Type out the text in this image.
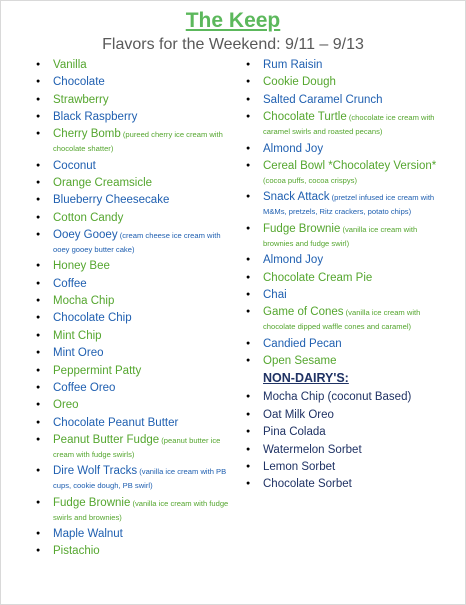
The Keep
Flavors for the Weekend: 9/11 – 9/13
● Vanilla
● Chocolate
● Strawberry
● Black Raspberry
● Cherry Bomb (pureed cherry ice cream with chocolate shatter)
● Coconut
● Orange Creamsicle
● Blueberry Cheesecake
● Cotton Candy
● Ooey Gooey (cream cheese ice cream with ooey gooey butter cake)
● Honey Bee
● Coffee
● Mocha Chip
● Chocolate Chip
● Mint Chip
● Mint Oreo
● Peppermint Patty
● Coffee Oreo
● Oreo
● Chocolate Peanut Butter
● Peanut Butter Fudge (peanut butter ice cream with fudge swirls)
● Dire Wolf Tracks (vanilla ice cream with PB cups, cookie dough, PB swirl)
● Fudge Brownie (vanilla ice cream with fudge swirls and brownies)
● Maple Walnut
● Pistachio
● Rum Raisin
● Cookie Dough
● Salted Caramel Crunch
● Chocolate Turtle (chocolate ice cream with caramel swirls and roasted pecans)
● Almond Joy
● Cereal Bowl *Chocolatey Version* (cocoa puffs, cocoa crispys)
● Snack Attack (pretzel infused ice cream with M&Ms, pretzels, Ritz crackers, potato chips)
● Fudge Brownie (vanilla ice cream with brownies and fudge swirl)
● Almond Joy
● Chocolate Cream Pie
● Chai
● Game of Cones (vanilla ice cream with chocolate dipped waffle cones and caramel)
● Candied Pecan
● Open Sesame
NON-DAIRY'S:
● Mocha Chip (coconut Based)
● Oat Milk Oreo
● Pina Colada
● Watermelon Sorbet
● Lemon Sorbet
● Chocolate Sorbet
